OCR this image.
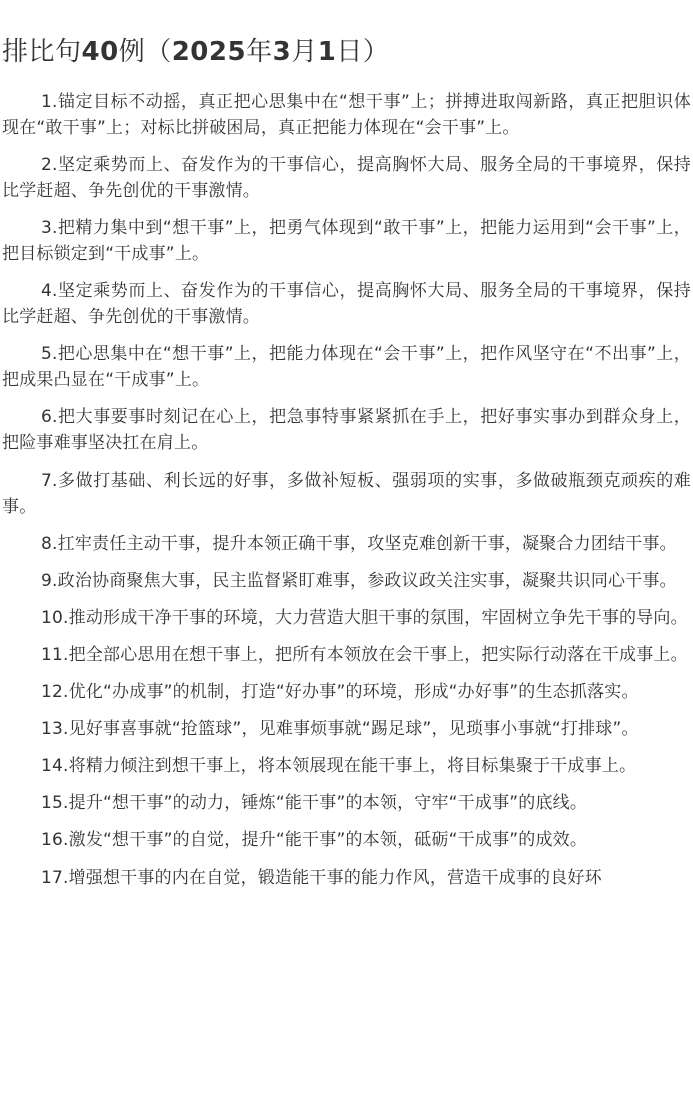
排比句40例（2025年3月1日）

1.锚定目标不动摇，真正把心思集中在“想干事”上；拼搏进取闯新路，真正把胆识体现在“敢干事”上；对标比拼破困局，真正把能力体现在“会干事”上。

2.坚定乘势而上、奋发作为的干事信心，提高胸怀大局、服务全局的干事境界，保持比学赶超、争先创优的干事激情。

3.把精力集中到“想干事”上，把勇气体现到“敢干事”上，把能力运用到“会干事”上，把目标锁定到“干成事”上。

4.坚定乘势而上、奋发作为的干事信心，提高胸怀大局、服务全局的干事境界，保持比学赶超、争先创优的干事激情。

5.把心思集中在“想干事”上，把能力体现在“会干事”上，把作风坚守在“不出事”上，把成果凸显在“干成事”上。

6.把大事要事时刻记在心上，把急事特事紧紧抓在手上，把好事实事办到群众身上，把险事难事坚决扛在肩上。

7.多做打基础、利长远的好事，多做补短板、强弱项的实事，多做破瓶颈克顽疾的难事。

8.扛牢责任主动干事，提升本领正确干事，攻坚克难创新干事，凝聚合力团结干事。

9.政治协商聚焦大事，民主监督紧盯难事，参政议政关注实事，凝聚共识同心干事。

10.推动形成干净干事的环境，大力营造大胆干事的氛围，牢固树立争先干事的导向。

11.把全部心思用在想干事上，把所有本领放在会干事上，把实际行动落在干成事上。

12.优化“办成事”的机制，打造“好办事”的环境，形成“办好事”的生态抓落实。

13.见好事喜事就“抢篮球”，见难事烦事就“踢足球”，见琐事小事就“打排球”。

14.将精力倾注到想干事上，将本领展现在能干事上，将目标集聚于干成事上。

15.提升“想干事”的动力，锤炼“能干事”的本领，守牢“干成事”的底线。

16.激发“想干事”的自觉，提升“能干事”的本领，砥砺“干成事”的成效。

17.增强想干事的内在自觉，锻造能干事的能力作风，营造干成事的良好环
